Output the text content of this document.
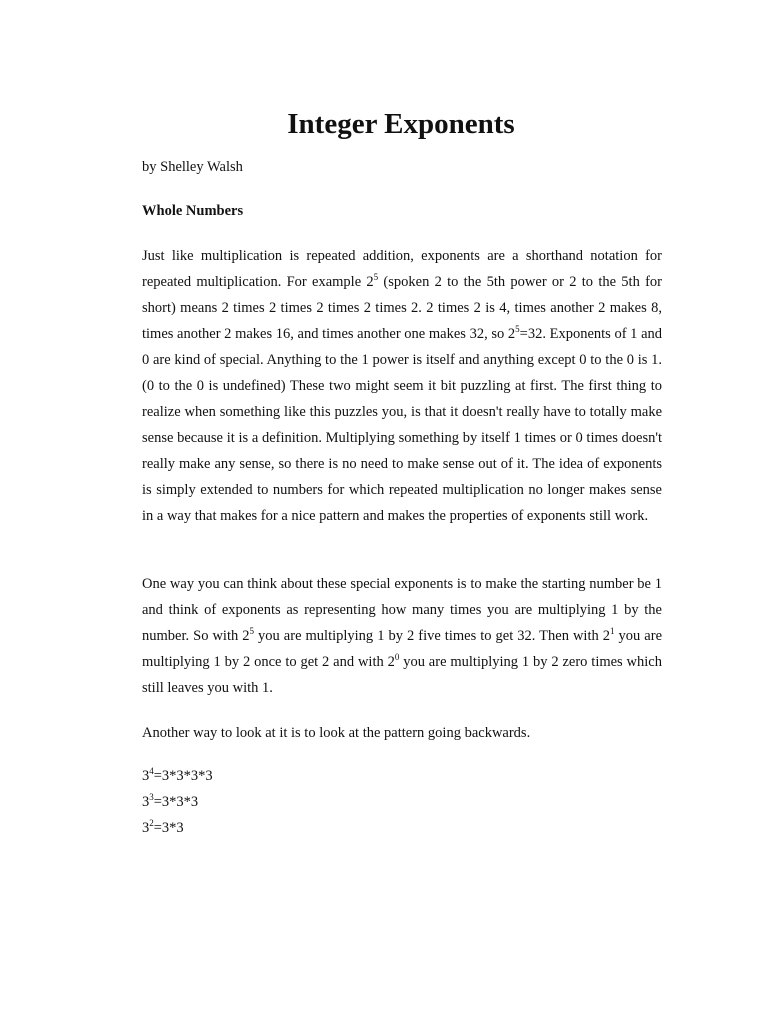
Integer Exponents

by Shelley Walsh

Whole Numbers

Just like multiplication is repeated addition, exponents are a shorthand notation for repeated multiplication. For example $2^5$ (spoken 2 to the 5th power or 2 to the 5th for short) means 2 times 2 times 2 times 2 times 2. 2 times 2 is 4, times another 2 makes 8, times another 2 makes 16, and times another one makes 32, so $2^5=32$. Exponents of 1 and 0 are kind of special. Anything to the 1 power is itself and anything except 0 to the 0 is 1. (0 to the 0 is undefined) These two might seem it bit puzzling at first. The first thing to realize when something like this puzzles you, is that it doesn't really have to totally make sense because it is a definition. Multiplying something by itself 1 times or 0 times doesn't really make any sense, so there is no need to make sense out of it. The idea of exponents is simply extended to numbers for which repeated multiplication no longer makes sense in a way that makes for a nice pattern and makes the properties of exponents still work.

One way you can think about these special exponents is to make the starting number be 1 and think of exponents as representing how many times you are multiplying 1 by the number. So with $2^5$ you are multiplying 1 by 2 five times to get 32. Then with $2^1$ you are multiplying 1 by 2 once to get 2 and with $2^0$ you are multiplying 1 by 2 zero times which still leaves you with 1.

Another way to look at it is to look at the pattern going backwards.

$3^4=3*3*3*3$
$3^3=3*3*3$
$3^2=3*3$
